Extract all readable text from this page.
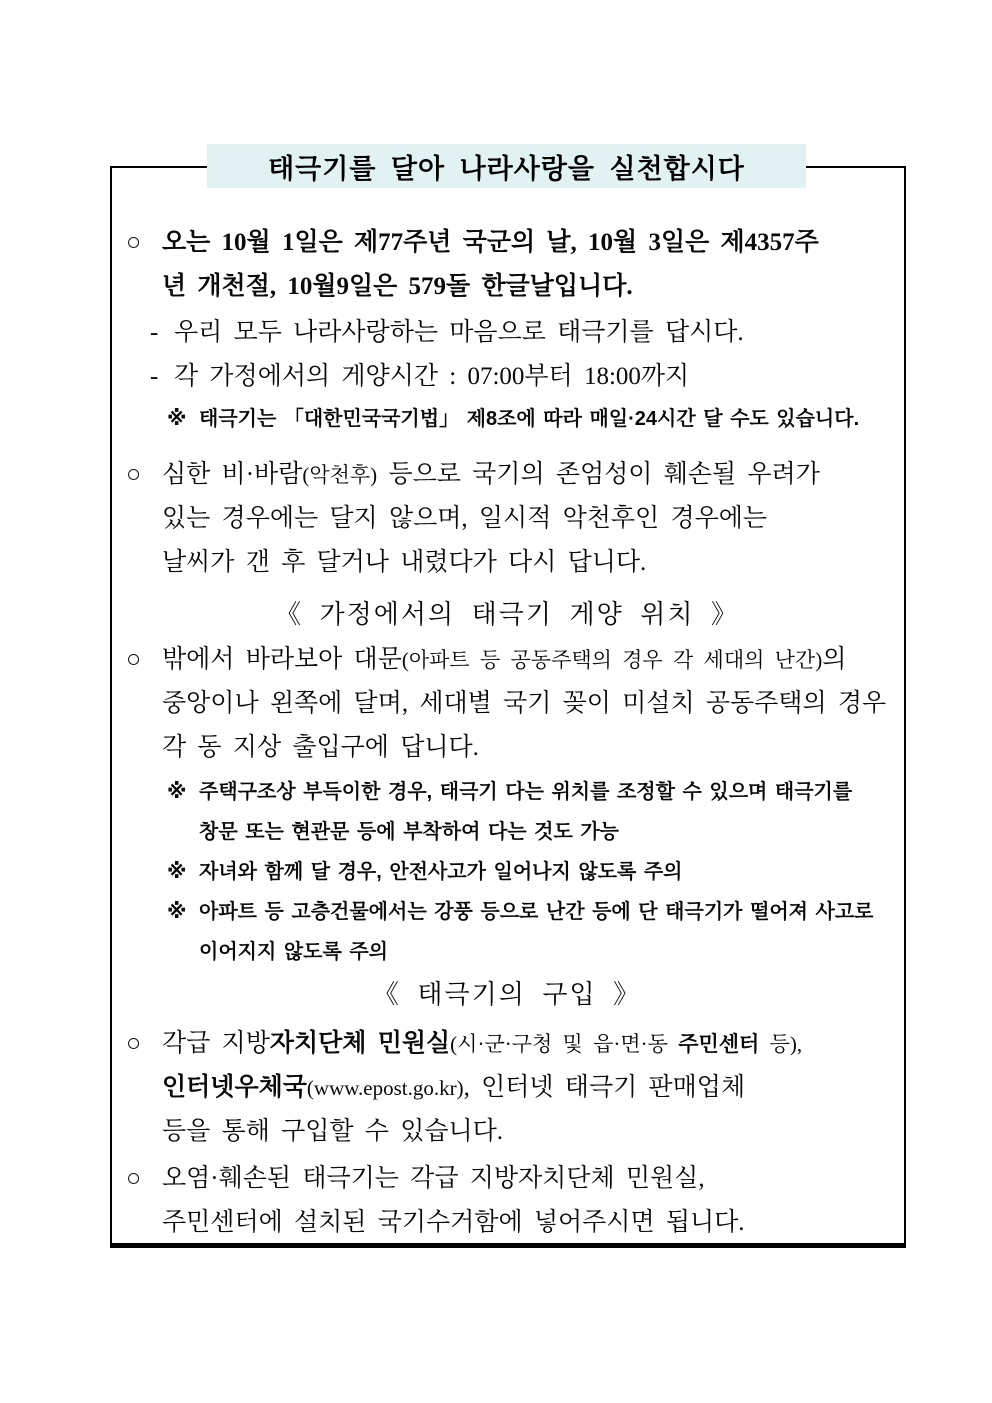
태극기를 달아 나라사랑을 실천합시다
○ 오는 10월 1일은 제77주년 국군의 날, 10월 3일은 제4357주
년 개천절, 10월9일은 579돌 한글날입니다.
- 우리 모두 나라사랑하는 마음으로 태극기를 답시다.
- 각 가정에서의 게양시간 : 07:00부터 18:00까지
※ 태극기는 「대한민국국기법」 제8조에 따라 매일·24시간 달 수도 있습니다.
○ 심한 비·바람(악천후) 등으로 국기의 존엄성이 훼손될 우려가
있는 경우에는 달지 않으며, 일시적 악천후인 경우에는
날씨가 갠 후 달거나 내렸다가 다시 답니다.
《 가정에서의 태극기 게양 위치 》
○ 밖에서 바라보아 대문(아파트 등 공동주택의 경우 각 세대의 난간)의
중앙이나 왼쪽에 달며, 세대별 국기 꽂이 미설치 공동주택의 경우
각 동 지상 출입구에 답니다.
※ 주택구조상 부득이한 경우, 태극기 다는 위치를 조정할 수 있으며 태극기를
창문 또는 현관문 등에 부착하여 다는 것도 가능
※ 자녀와 함께 달 경우, 안전사고가 일어나지 않도록 주의
※ 아파트 등 고층건물에서는 강풍 등으로 난간 등에 단 태극기가 떨어져 사고로
이어지지 않도록 주의
《 태극기의 구입 》
○ 각급 지방자치단체 민원실(시·군·구청 및 읍·면·동 주민센터 등),
인터넷우체국(www.epost.go.kr), 인터넷 태극기 판매업체
등을 통해 구입할 수 있습니다.
○ 오염·훼손된 태극기는 각급 지방자치단체 민원실,
주민센터에 설치된 국기수거함에 넣어주시면 됩니다.
